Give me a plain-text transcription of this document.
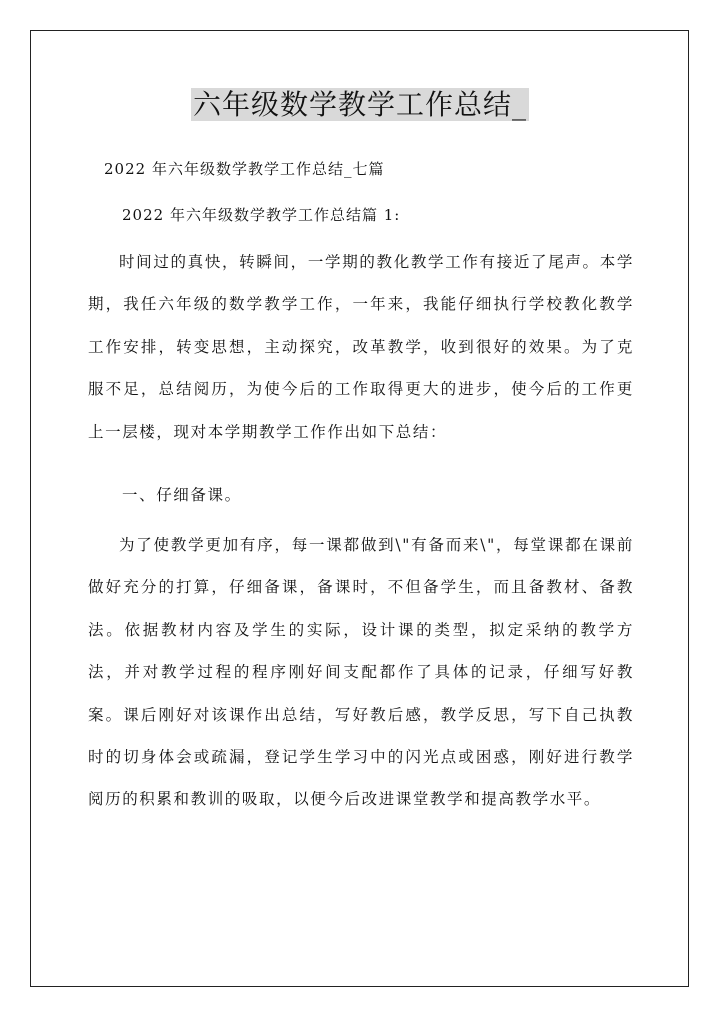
六年级数学教学工作总结_
2022 年六年级数学教学工作总结_七篇
2022 年六年级数学教学工作总结篇 1:

时间过的真快，转瞬间，一学期的教化教学工作有接近了尾声。本学期，我任六年级的数学教学工作，一年来，我能仔细执行学校教化教学工作安排，转变思想，主动探究，改革教学，收到很好的效果。为了克服不足，总结阅历，为使今后的工作取得更大的进步，使今后的工作更上一层楼，现对本学期教学工作作出如下总结：

一、仔细备课。

为了使教学更加有序，每一课都做到\"有备而来\"，每堂课都在课前做好充分的打算，仔细备课，备课时，不但备学生，而且备教材、备教法。依据教材内容及学生的实际，设计课的类型，拟定采纳的教学方法，并对教学过程的程序刚好间支配都作了具体的记录，仔细写好教案。课后刚好对该课作出总结，写好教后感，教学反思，写下自己执教时的切身体会或疏漏，登记学生学习中的闪光点或困惑，刚好进行教学阅历的积累和教训的吸取，以便今后改进课堂教学和提高教学水平。
